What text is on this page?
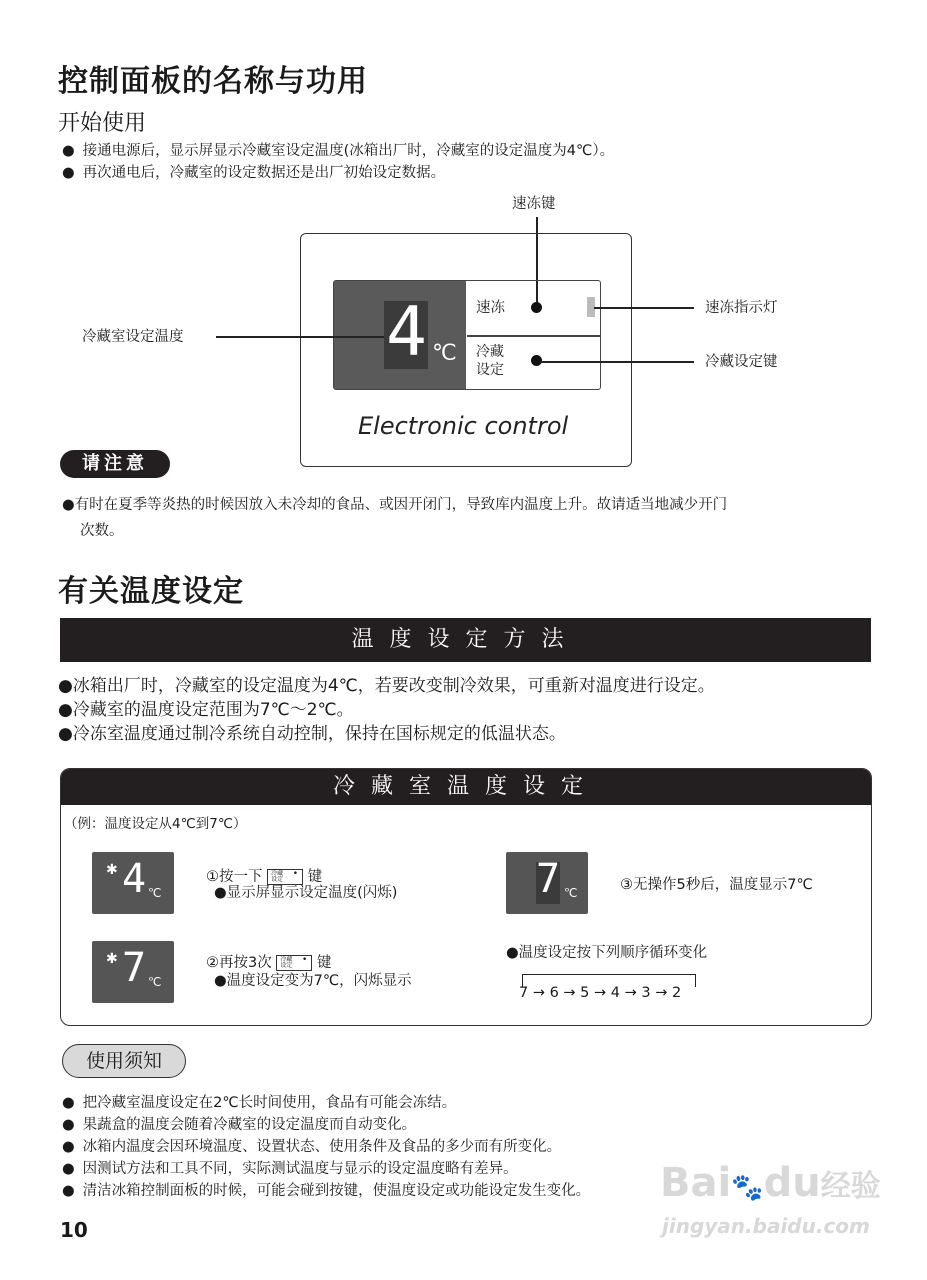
控制面板的名称与功用
开始使用
● 接通电源后，显示屏显示冷藏室设定温度(冰箱出厂时，冷藏室的设定温度为4℃）。
● 再次通电后，冷藏室的设定数据还是出厂初始设定数据。
速冻键
4 ℃
速冻
冷藏
设定
Electronic control
冷藏室设定温度
速冻指示灯
冷藏设定键
请注意
●有时在夏季等炎热的时候因放入未冷却的食品、或因开闭门，导致库内温度上升。故请适当地减少开门
次数。
有关温度设定
温度设定方法
●冰箱出厂时，冷藏室的设定温度为4℃，若要改变制冷效果，可重新对温度进行设定。
●冷藏室的温度设定范围为7℃～2℃。
●冷冻室温度通过制冷系统自动控制，保持在国标规定的低温状态。
冷藏室温度设定
（例：温度设定从4℃到7℃）
4 ℃
✱	①按一下 冷藏
设定
• 键
●显示屏显示设定温度(闪烁)
7 ℃
✱	②再按3次 冷藏
设定
• 键
●温度设定变为7℃，闪烁显示
7 ℃	③无操作5秒后，温度显示7℃
●温度设定按下列顺序循环变化
7 → 6 → 5 → 4 → 3 → 2
使用须知
● 把冷藏室温度设定在2℃长时间使用，食品有可能会冻结。
● 果蔬盒的温度会随着冷藏室的设定温度而自动变化。
● 冰箱内温度会因环境温度、设置状态、使用条件及食品的多少而有所变化。
● 因测试方法和工具不同，实际测试温度与显示的设定温度略有差异。
● 清洁冰箱控制面板的时候，可能会碰到按键，使温度设定或功能设定发生变化。
10
Bai🐾du经验
jingyan.baidu.com
